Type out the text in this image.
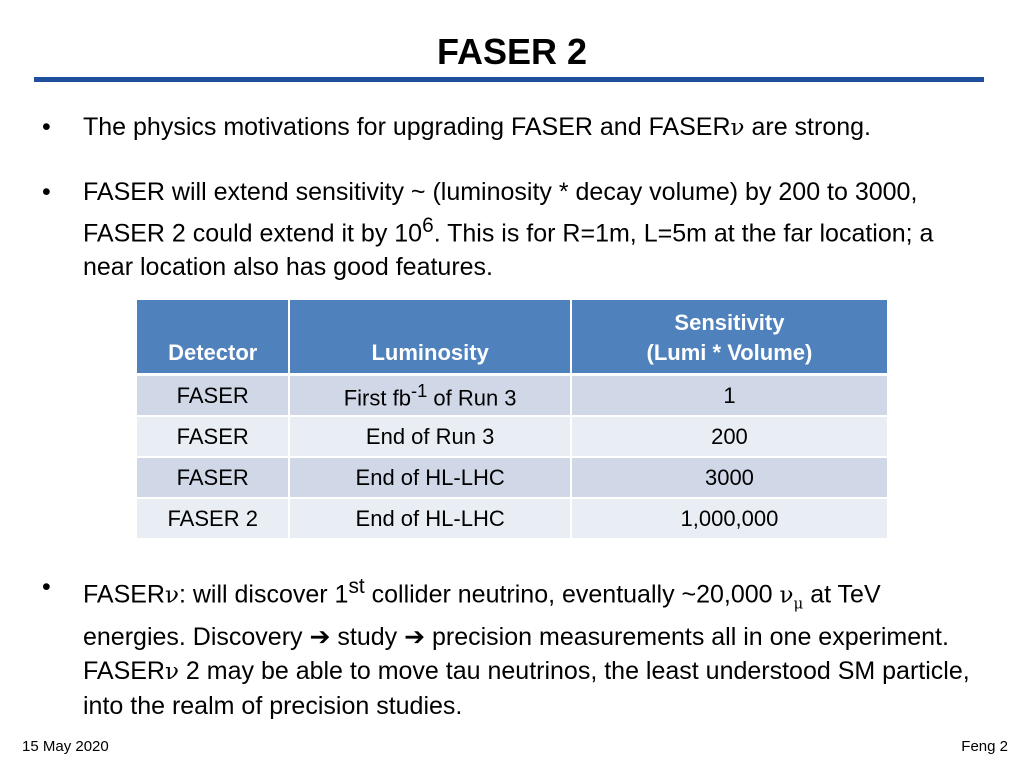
FASER 2
• The physics motivations for upgrading FASER and FASERν are strong.
• FASER will extend sensitivity ~ (luminosity * decay volume) by 200 to 3000, FASER 2 could extend it by $10^6$. This is for R=1m, L=5m at the far location; a near location also has good features.
Detector	Luminosity	Sensitivity
(Lumi * Volume)
FASER	First $fb^{-1}$ of Run 3	1
FASER	End of Run 3	200
FASER	End of HL-LHC	3000
FASER 2	End of HL-LHC	1,000,000
• FASERν: will discover 1st collider neutrino, eventually ~20,000 $\nu_\mu$ at TeV energies. Discovery ➔ study ➔ precision measurements all in one experiment. FASERν 2 may be able to move tau neutrinos, the least understood SM particle, into the realm of precision studies.
15 May 2020	Feng 2
